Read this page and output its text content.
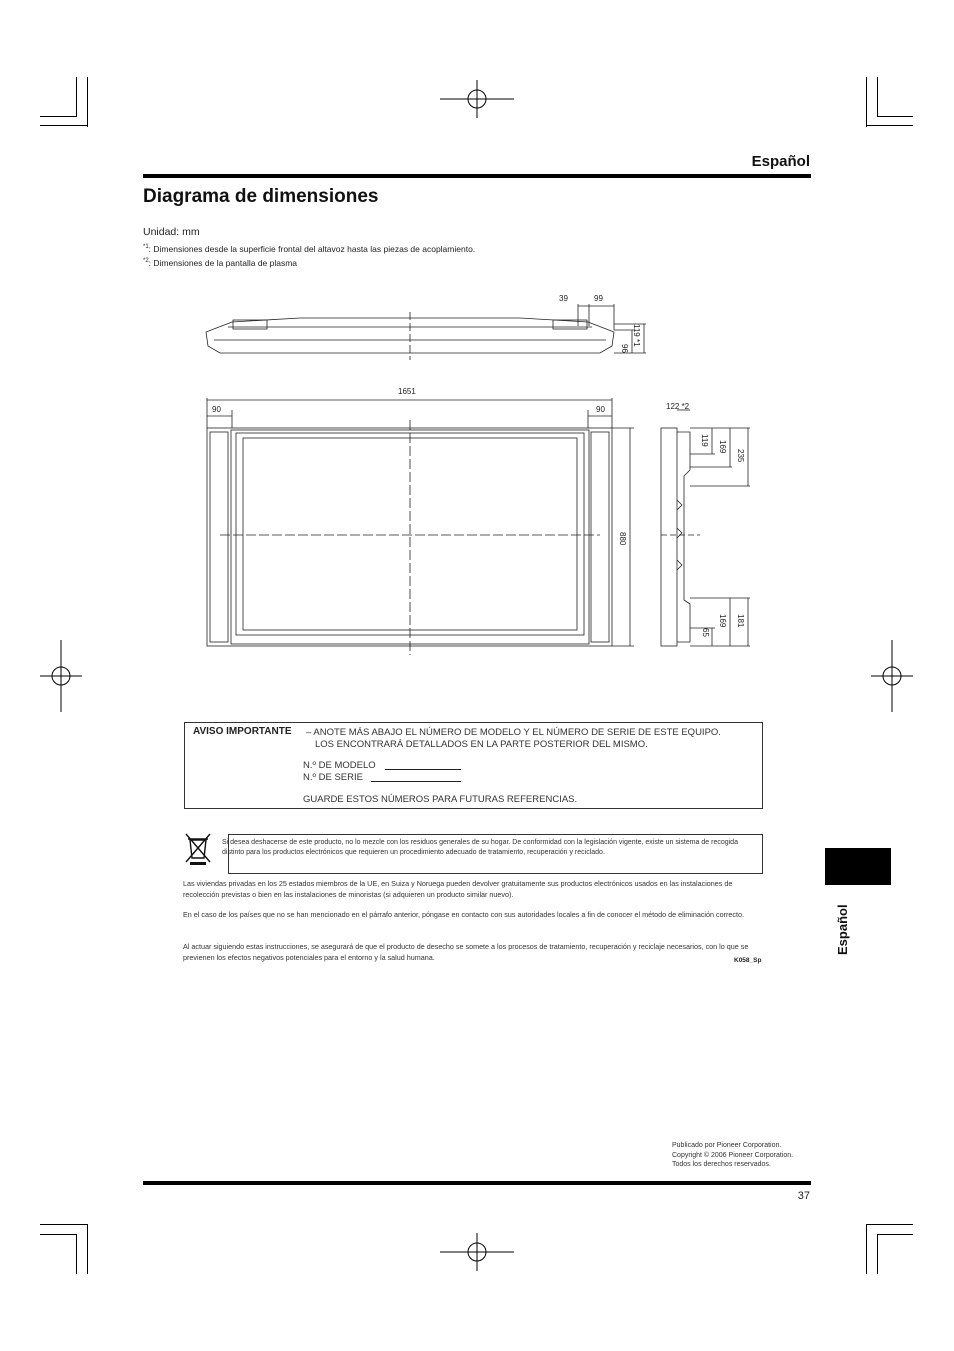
Español
Diagrama de dimensiones
Unidad: mm
$^{*1}$: Dimensiones desde la superficie frontal del altavoz hasta las piezas de acoplamiento.
$^{*2}$: Dimensiones de la pantalla de plasma
39	99
96
119 *1
1651
90	90
880
122 *2
119 169
235
65
169 181
AVISO IMPORTANTE – ANOTE MÁS ABAJO EL NÚMERO DE MODELO Y EL NÚMERO DE SERIE DE ESTE EQUIPO.
LOS ENCONTRARÁ DETALLADOS EN LA PARTE POSTERIOR DEL MISMO.
N.º DE MODELO
N.º DE SERIE
GUARDE ESTOS NÚMEROS PARA FUTURAS REFERENCIAS.
Si desea deshacerse de este producto, no lo mezcle con los residuos generales de su hogar. De conformidad con la legislación vigente, existe un sistema de recogida distinto para los productos electrónicos que requieren un procedimiento adecuado de tratamiento, recuperación y reciclado.
Las viviendas privadas en los 25 estados miembros de la UE, en Suiza y Noruega pueden devolver gratuitamente sus productos electrónicos usados en las instalaciones de recolección previstas o bien en las instalaciones de minoristas (si adquieren un producto similar nuevo).
En el caso de los países que no se han mencionado en el párrafo anterior, póngase en contacto con sus autoridades locales a fin de conocer el método de eliminación correcto.
Al actuar siguiendo estas instrucciones, se asegurará de que el producto de desecho se somete a los procesos de tratamiento, recuperación y reciclaje necesarios, con lo que se previenen los efectos negativos potenciales para el entorno y la salud humana.	K058_Sp
Español
Publicado por Pioneer Corporation.
Copyright © 2006 Pioneer Corporation.
Todos los derechos reservados.
37
